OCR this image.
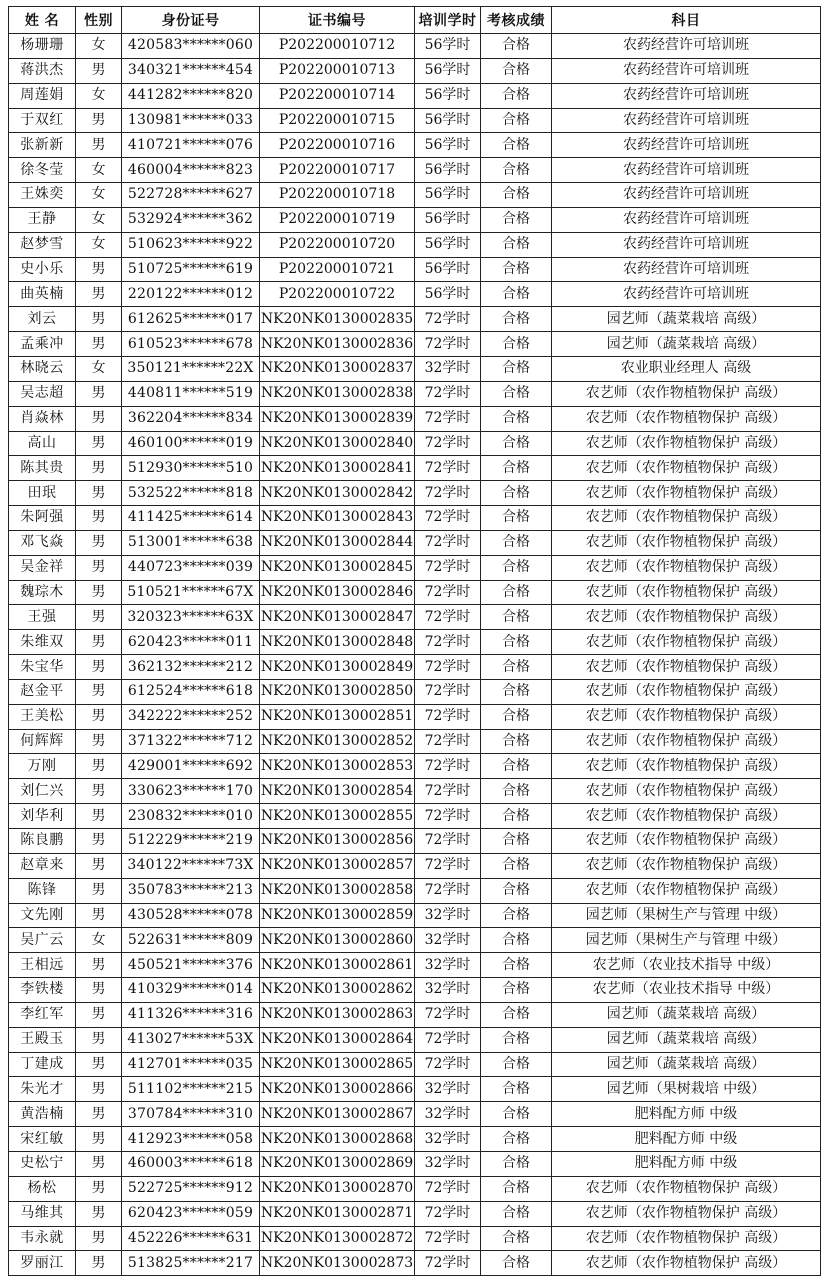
姓 名	性别	身份证号	证书编号	培训学时	考核成绩	科目
杨珊珊	女	420583******060	P202200010712	56学时	合格	农药经营许可培训班
蒋洪杰	男	340321******454	P202200010713	56学时	合格	农药经营许可培训班
周莲娟	女	441282******820	P202200010714	56学时	合格	农药经营许可培训班
于双红	男	130981******033	P202200010715	56学时	合格	农药经营许可培训班
张新新	男	410721******076	P202200010716	56学时	合格	农药经营许可培训班
徐冬莹	女	460004******823	P202200010717	56学时	合格	农药经营许可培训班
王姝奕	女	522728******627	P202200010718	56学时	合格	农药经营许可培训班
王静	女	532924******362	P202200010719	56学时	合格	农药经营许可培训班
赵梦雪	女	510623******922	P202200010720	56学时	合格	农药经营许可培训班
史小乐	男	510725******619	P202200010721	56学时	合格	农药经营许可培训班
曲英楠	男	220122******012	P202200010722	56学时	合格	农药经营许可培训班
刘云	男	612625******017	NK20NK0130002835	72学时	合格	园艺师（蔬菜栽培 高级）
孟乘冲	男	610523******678	NK20NK0130002836	72学时	合格	园艺师（蔬菜栽培 高级）
林晓云	女	350121******22X	NK20NK0130002837	32学时	合格	农业职业经理人 高级
吴志超	男	440811******519	NK20NK0130002838	72学时	合格	农艺师（农作物植物保护 高级）
肖焱林	男	362204******834	NK20NK0130002839	72学时	合格	农艺师（农作物植物保护 高级）
高山	男	460100******019	NK20NK0130002840	72学时	合格	农艺师（农作物植物保护 高级）
陈其贵	男	512930******510	NK20NK0130002841	72学时	合格	农艺师（农作物植物保护 高级）
田珉	男	532522******818	NK20NK0130002842	72学时	合格	农艺师（农作物植物保护 高级）
朱阿强	男	411425******614	NK20NK0130002843	72学时	合格	农艺师（农作物植物保护 高级）
邓飞焱	男	513001******638	NK20NK0130002844	72学时	合格	农艺师（农作物植物保护 高级）
吴金祥	男	440723******039	NK20NK0130002845	72学时	合格	农艺师（农作物植物保护 高级）
魏琮木	男	510521******67X	NK20NK0130002846	72学时	合格	农艺师（农作物植物保护 高级）
王强	男	320323******63X	NK20NK0130002847	72学时	合格	农艺师（农作物植物保护 高级）
朱维双	男	620423******011	NK20NK0130002848	72学时	合格	农艺师（农作物植物保护 高级）
朱宝华	男	362132******212	NK20NK0130002849	72学时	合格	农艺师（农作物植物保护 高级）
赵金平	男	612524******618	NK20NK0130002850	72学时	合格	农艺师（农作物植物保护 高级）
王美松	男	342222******252	NK20NK0130002851	72学时	合格	农艺师（农作物植物保护 高级）
何辉辉	男	371322******712	NK20NK0130002852	72学时	合格	农艺师（农作物植物保护 高级）
万刚	男	429001******692	NK20NK0130002853	72学时	合格	农艺师（农作物植物保护 高级）
刘仁兴	男	330623******170	NK20NK0130002854	72学时	合格	农艺师（农作物植物保护 高级）
刘华利	男	230832******010	NK20NK0130002855	72学时	合格	农艺师（农作物植物保护 高级）
陈良鹏	男	512229******219	NK20NK0130002856	72学时	合格	农艺师（农作物植物保护 高级）
赵章来	男	340122******73X	NK20NK0130002857	72学时	合格	农艺师（农作物植物保护 高级）
陈锋	男	350783******213	NK20NK0130002858	72学时	合格	农艺师（农作物植物保护 高级）
文先刚	男	430528******078	NK20NK0130002859	32学时	合格	园艺师（果树生产与管理 中级）
吴广云	女	522631******809	NK20NK0130002860	32学时	合格	园艺师（果树生产与管理 中级）
王相远	男	450521******376	NK20NK0130002861	32学时	合格	农艺师（农业技术指导 中级）
李铁楼	男	410329******014	NK20NK0130002862	32学时	合格	农艺师（农业技术指导 中级）
李红军	男	411326******316	NK20NK0130002863	72学时	合格	园艺师（蔬菜栽培 高级）
王殿玉	男	413027******53X	NK20NK0130002864	72学时	合格	园艺师（蔬菜栽培 高级）
丁建成	男	412701******035	NK20NK0130002865	72学时	合格	园艺师（蔬菜栽培 高级）
朱光才	男	511102******215	NK20NK0130002866	32学时	合格	园艺师（果树栽培 中级）
黄浩楠	男	370784******310	NK20NK0130002867	32学时	合格	肥料配方师 中级
宋红敏	男	412923******058	NK20NK0130002868	32学时	合格	肥料配方师 中级
史松宁	男	460003******618	NK20NK0130002869	32学时	合格	肥料配方师 中级
杨松	男	522725******912	NK20NK0130002870	72学时	合格	农艺师（农作物植物保护 高级）
马维其	男	620423******059	NK20NK0130002871	72学时	合格	农艺师（农作物植物保护 高级）
韦永就	男	452226******631	NK20NK0130002872	72学时	合格	农艺师（农作物植物保护 高级）
罗丽江	男	513825******217	NK20NK0130002873	72学时	合格	农艺师（农作物植物保护 高级）
